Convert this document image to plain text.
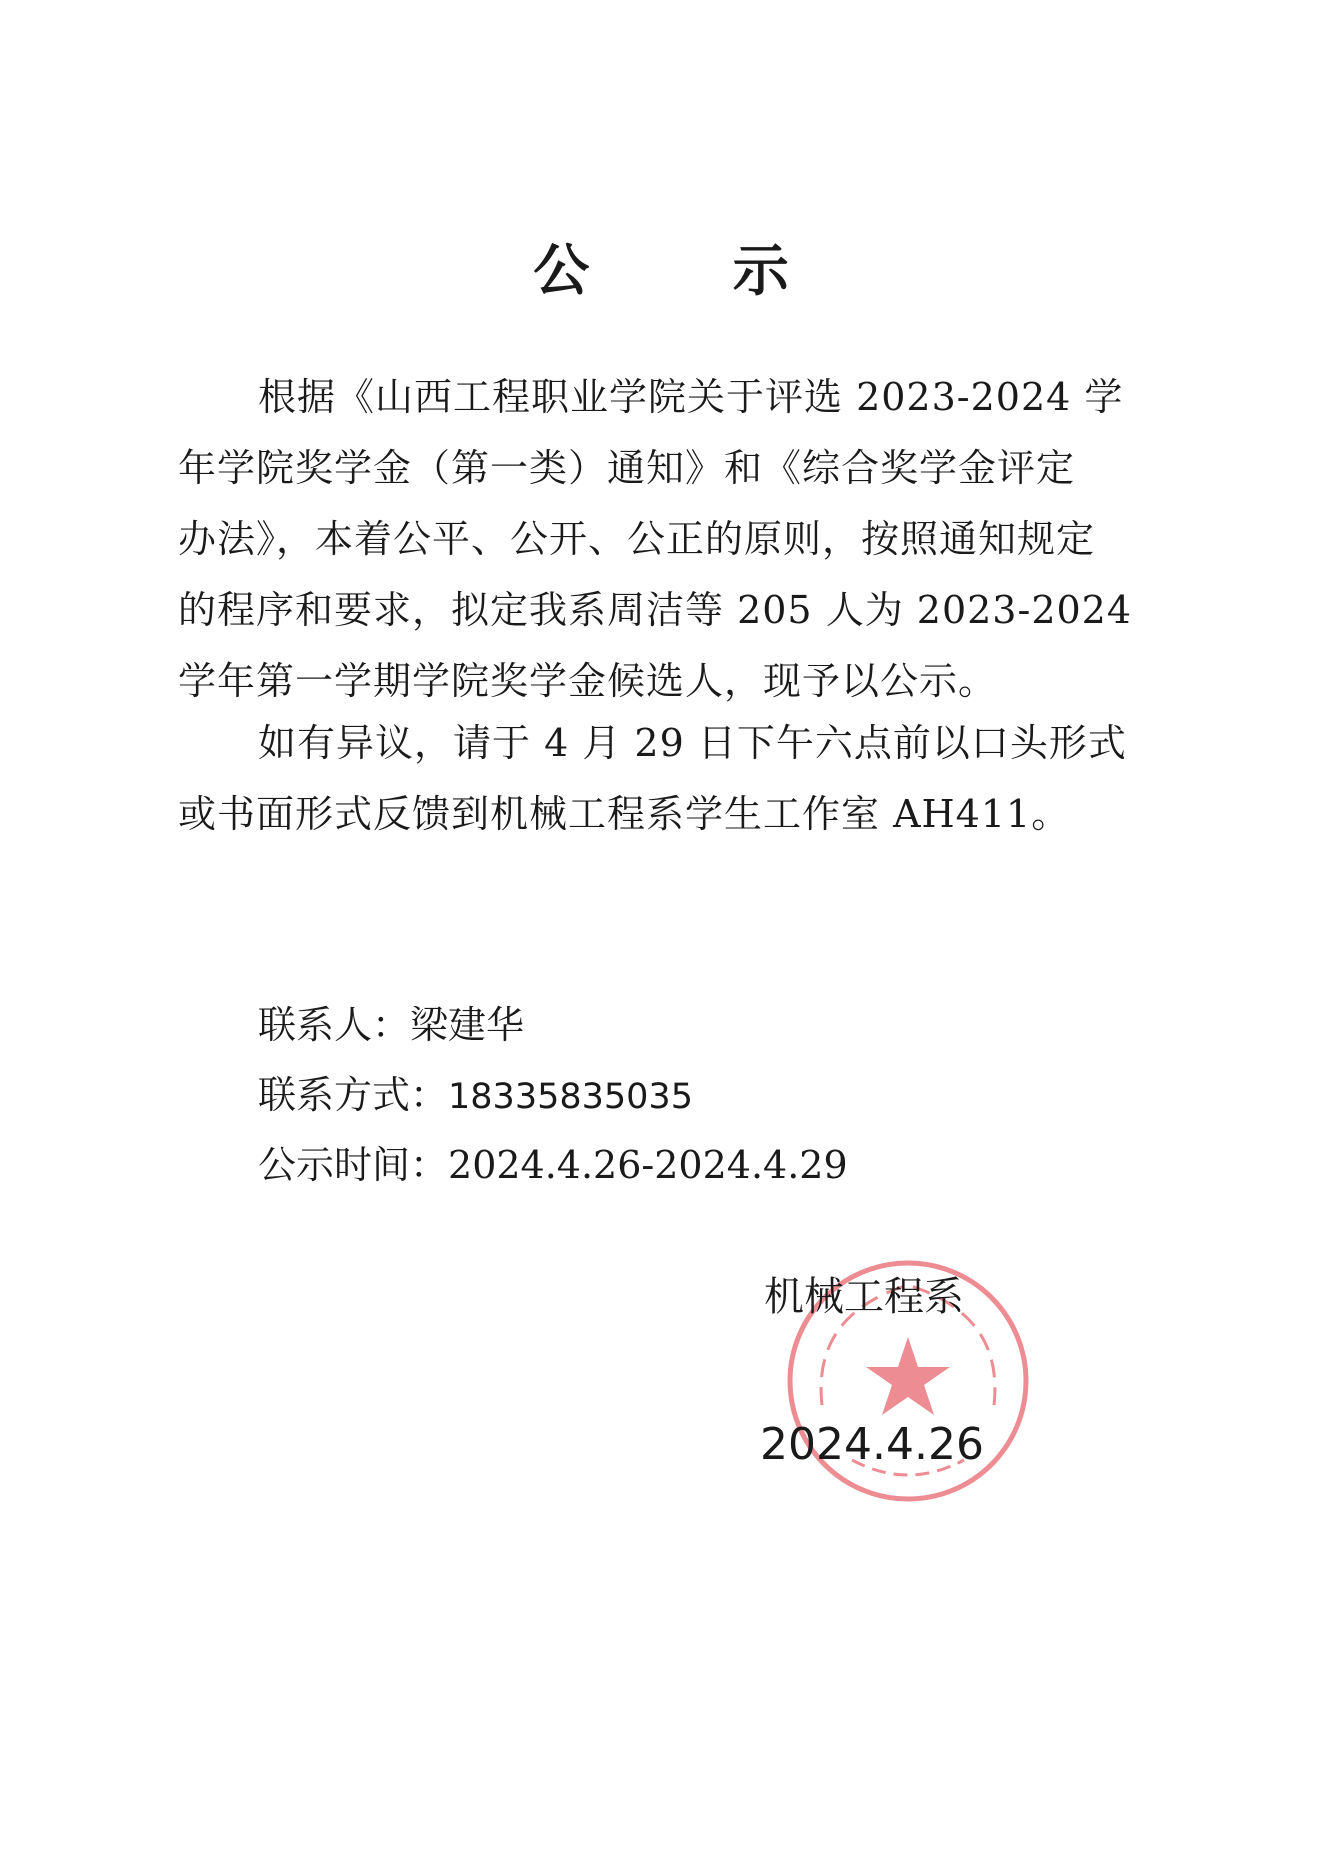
公 示
根据《山西工程职业学院关于评选 2023-2024 学
年学院奖学金（第一类）通知》和《综合奖学金评定
办法》，本着公平、公开、公正的原则，按照通知规定
的程序和要求，拟定我系周洁等 205 人为 2023-2024
学年第一学期学院奖学金候选人，现予以公示。
如有异议，请于 4 月 29 日下午六点前以口头形式
或书面形式反馈到机械工程系学生工作室 AH411。
联系人：梁建华
联系方式：18335835035
公示时间：2024.4.26-2024.4.29
机械工程系
2024.4.26
